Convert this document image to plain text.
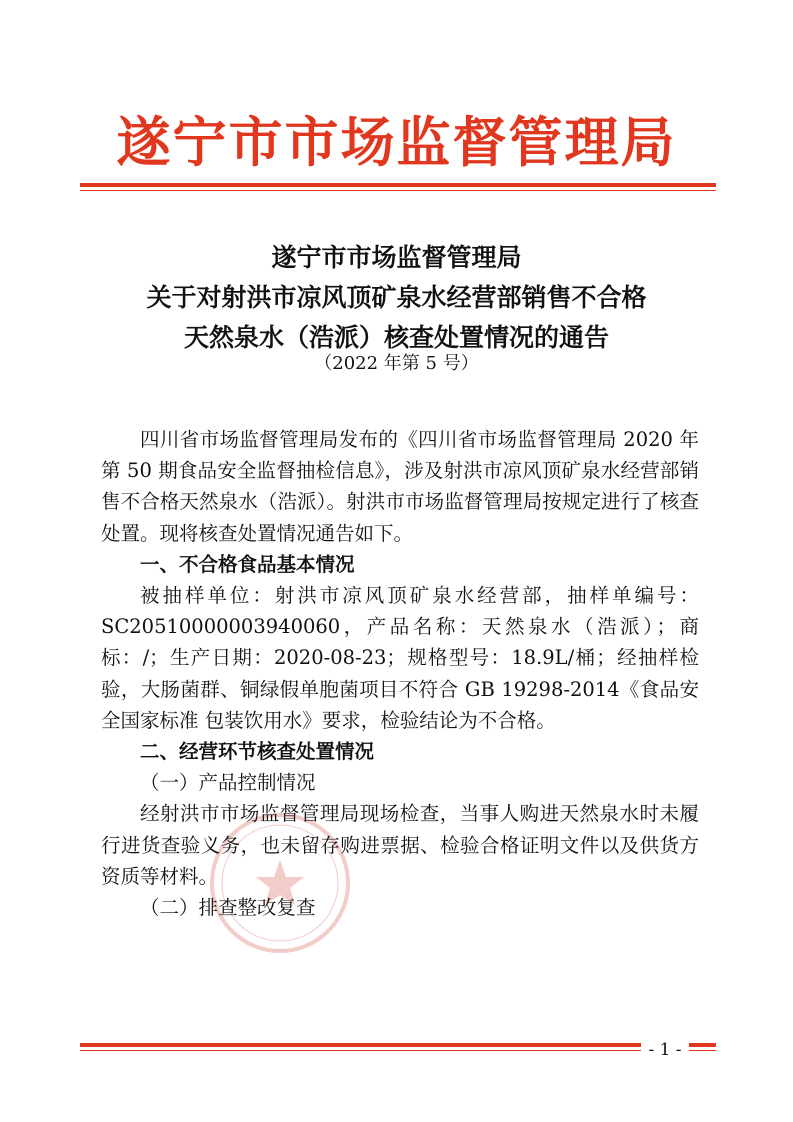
遂宁市市场监督管理局
遂宁市市场监督管理局
关于对射洪市凉风顶矿泉水经营部销售不合格
天然泉水（浩派）核查处置情况的通告
（2022 年第 5 号）

四川省市场监督管理局发布的《四川省市场监督管理局 2020 年第 50 期食品安全监督抽检信息》，涉及射洪市凉风顶矿泉水经营部销售不合格天然泉水（浩派）。射洪市市场监督管理局按规定进行了核查处置。现将核查处置情况通告如下。

一、不合格食品基本情况

被抽样单位：射洪市凉风顶矿泉水经营部，抽样单编号：SC20510000003940060，产品名称：天然泉水（浩派）；商标：/；生产日期：2020-08-23；规格型号：18.9L/桶；经抽样检验，大肠菌群、铜绿假单胞菌项目不符合 GB 19298-2014《食品安全国家标准 包装饮用水》要求，检验结论为不合格。

二、经营环节核查处置情况

（一）产品控制情况

经射洪市市场监督管理局现场检查，当事人购进天然泉水时未履行进货查验义务，也未留存购进票据、检验合格证明文件以及供货方资质等材料。

（二）排查整改复查

- 1 -
